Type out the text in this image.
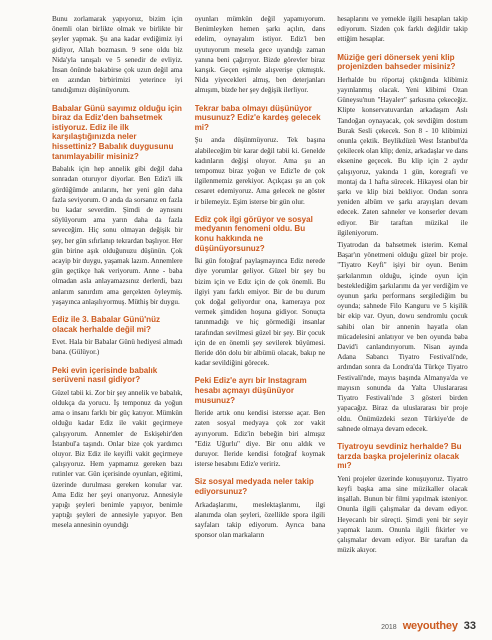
Bunu zorlamarak yapıyoruz, bizim için önemli olan birlikte olmak ve birlikte bir şeyler yapmak. Şu ana kadar evdiğimiz iyi gidiyor, Allah bozmasın. 9 sene oldu biz Nida'yla tanışalı ve 5 senedir de evliyiz. İnsan önünde bakabirse çok uzun değil ama en azından birbirimizi yeterince iyi tanıdığımızı düşünüyorum.

Babalar Günü sayımız olduğu için biraz da Ediz'den bahsetmek istiyoruz. Ediz ile ilk karşılaştığınızda neler hissettiniz? Babalık duygusunu tanımlayabilir misiniz?

Babalık için hep annelik gibi değil daha sonradan oturuyor diyorlar. Ben Ediz'i ilk gördüğümde anılarını, her yeni gün daha fazla seviyorum. O anda da sorsanız en fazla bu kadar severdim. Şimdi de aynısını söylüyorum ama yarın daha da fazla seveceğim. Hiç sonu olmayan değişik bir şey, her gün sıfırlanıp tekrardan başlıyor. Her gün birine aşık olduğunuzu düşünün. Çok acayip bir duygu, yaşamak lazım. Annemlere gün geçtikçe hak veriyorum. Anne - baba olmadan asla anlayamazsınız derlerdi, bazı anlarım sanırdım ama gerçekten öyleymiş. yaşayınca anlaşılıyormuş. Müthiş bir duygu.

Ediz ile 3. Babalar Günü'nüz olacak herhalde değil mi?

Evet. Hala bir Babalar Günü hediyesi almadı bana. (Gülüyor.)

Peki evin içerisinde babalık serüveni nasıl gidiyor?

Güzel tabii ki. Zor bir şey annelik ve babalık, oldukça da yorucu. İş temponuz da yoğun ama o insanı farklı bir güç katıyor. Mümkün olduğu kadar Ediz ile vakit geçirmeye çalışıyorum. Annemler de Eskişehir'den İstanbul'a taşındı. Onlar bize çok yardımcı oluyor. Biz Ediz ile keyifli vakit geçirmeye çalışıyoruz. Hem yapmamız gereken bazı rutinler var. Gün içerisinde oyunları, eğitimi, üzerinde durulması gereken konular var. Ama Ediz her şeyi onarıyoruz. Annesiyle yapığı şeyleri benimle yapıyor, benimle yaptığı şeyleri de annesiyle yapıyor. Ben mesela annesinin oyundığı

oyunları mümkün değil yapamıyorum. Benimleyken hemen şarkı açılın, dans edelim, oynayalım istiyor. Ediz'i ben uyutuyorum mesela gece uyandığı zaman yanına beni çağırıyor. Bizde görevler biraz karışık. Geçen eşimle alışverişe çıkmıştık. Nida yiyecekleri almış, ben deterjanları almışım, bizde her şey değişik ilerliyor.

Tekrar baba olmayı düşünüyor musunuz? Ediz'e kardeş gelecek mi?

Şu anda düşünmüyoruz. Tek başına alabileceğim bir karar değil tabii ki. Genelde kadınların değişi oluyor. Ama şu an tempomuz biraz yoğun ve Ediz'le de çok ilgilenmemiz gerekiyor. Açıkçası şu an çok cesaret edemiyoruz. Ama gelecek ne göster ir bilemeyiz. Eşim isterse bir gün olur.

Ediz çok ilgi görüyor ve sosyal medyanın fenomeni oldu. Bu konu hakkında ne düşünüyorsunuz?

İki gün fotoğraf paylaşmayınca Ediz nerede diye yorumlar geliyor. Güzel bir şey bu bizim için ve Ediz için de çok önemli. Bu ilgiyi yanı farklı emiyor. Bir de bu durum çok doğal geliyordur ona, kameraya poz vermek şimdiden hoşuna gidiyor. Sonuçta tanınmadığı ve hiç görmediği insanlar tarafından sevilmesi güzel bir şey. Bir çocuk için de en önemli şey sevilerek büyümesi. Ileride dön dolu bir albümü olacak, bakıp ne kadar sevildiğini görecek.

Peki Ediz'e ayrı bir Instagram hesabı açmayı düşünüyor musunuz?

İleride artık onu kendisi istersse açar. Ben zaten sosyal medyaya çok zor vakit ayırıyorum. Ediz'in bebeğin biri almışız "Ediz Uğurlu" diye. Bir onu aldık ve duruyor. İleride kendisi fotoğraf koymak isterse hesabını Ediz'e veririz.

Siz sosyal medyada neler takip ediyorsunuz?

Arkadaşlarımı, meslektaşlarımı, ilgi alanımda olan şeyleri, özellikle spora ilgili sayfaları takip ediyorum. Ayrıca bana sponsor olan markaların

hesaplarını ve yemekle ilgili hesapları takip ediyorum. Sizden çok farklı değildir takip ettiğim hesaplar.

Müziğe geri dönersek yeni klip projenizden bahseder misiniz?

Herhalde bu röportaj çıktığında klibimiz yayınlanmış olacak. Yeni klibimi Ozan Güneysu'nun "Hayaleт" şarkısına çekeceğiz. Klipte konservatuvardan arkadaşım Aslı Tandoğan oynayacak, çok sevdiğim dostum Burak Sesli çekecek. Son 8 - 10 klibimizi onunla çektik. Beylikdüzü West İstanbul'da çekilecek olan klip; deniz, arkadaşlar ve dans eksenine geçecek. Bu klip için 2 aydır çalışıyoruz, yakında 1 gün, koregrafi ve montaj da 1 hafta sürecek. Hikayesi olan bir şarkı ve klip bizi bekliyor. Ondan sonra yeniden albüm ve şarkı arayışları devam edecek. Zaten sahneler ve konserler devam ediyor. Bir taraftan müzikal ile ilgileniyorum.

Tiyatrodan da bahsetmek isterim. Kemal Başar'ın yönetmeni olduğu güzel bir proje. "Tiyatro Keyfi" işiyi bir oyun. Benim şarkılarımın olduğu, içinde oyun için besteklediğim şarkılarımı da yer verdiğim ve oyunun şarkı performans sergilediğim bu oyunda; sahnede Filo Kanguru ve 5 kişilik bir ekip var. Oyun, dowu sendromlu çocuk sahibi olan bir annenin hayatla olan mücadelesini anlatıyor ve ben oyunda baba David'i canlandırıyorum. Nisan ayında Adana Sabancı Tiyatro Festivali'nde, ardından sonra da Londra'da Türkçe Tiyatro Festivali'nde, mayıs başında Almanya'da ve mayısın sonunda da Yalta Uluslararası Tiyatro Festivali'nde 3 gösteri birden yapacağız. Biraz da uluslararası bir proje oldu. Önümüzdeki sezon Türkiye'de de sahnede olmaya devam edecek.

Tiyatroyu sevdiniz herhalde? Bu tarzda başka projeleriniz olacak mı?

Yeni projeler üzerinde konuşuyoruz. Tiyatro keyfi başka ama sine müzikaller olacak inşallah. Bunun bir filmi yapılmak isteniyor. Onunla ilgili çalışmalar da devam ediyor. Heyecanlı bir süreçti. Şimdi yeni bir seyir yapmak lazım. Onunla ilgili fikirler ve çalışmalar devam ediyor. Bir taraftan da müzik akıyor.

2018 weyouthey 33
